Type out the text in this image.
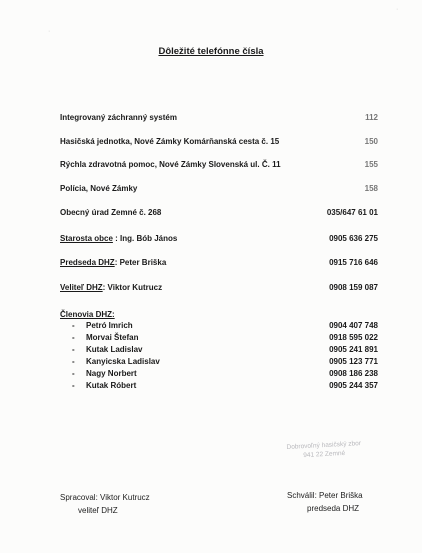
Dôležité telefónne čísla
Integrovaný záchranný systém	112
Hasičská jednotka, Nové Zámky Komárňanská cesta č. 15	150
Rýchla zdravotná pomoc, Nové Zámky Slovenská ul. Č. 11	155
Polícia, Nové Zámky	158
Obecný úrad Zemné č. 268	035/647 61 01
Starosta obce : Ing. Bób János	0905 636 275
Predseda DHZ: Peter Briška	0915 716 646
Veliteľ DHZ: Viktor Kutrucz	0908 159 087
Členovia DHZ:
- Petró Imrich	0904 407 748
- Morvai Štefan	0918 595 022
- Kutak Ladislav	0905 241 891
- Kanyicska Ladislav	0905 123 771
- Nagy Norbert	0908 186 238
- Kutak Róbert	0905 244 357
Dobrovoľný hasičský zbor
941 22 Zemné
Spracoval: Viktor Kutrucz
veliteľ DHZ
Schválil: Peter Briška
predseda DHZ
·
·
